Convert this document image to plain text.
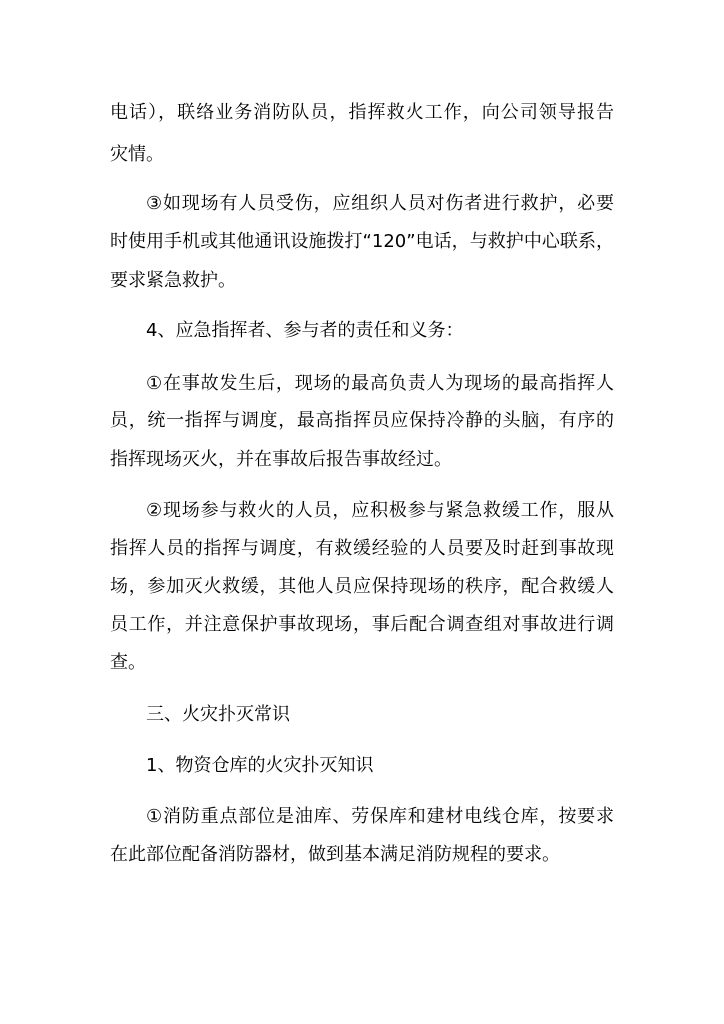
电话），联络业务消防队员，指挥救火工作，向公司领导报告
灾情。
③如现场有人员受伤，应组织人员对伤者进行救护，必要
时使用手机或其他通讯设施拨打“120”电话，与救护中心联系，
要求紧急救护。
4、应急指挥者、参与者的责任和义务：
①在事故发生后，现场的最高负责人为现场的最高指挥人
员，统一指挥与调度，最高指挥员应保持冷静的头脑，有序的
指挥现场灭火，并在事故后报告事故经过。
②现场参与救火的人员，应积极参与紧急救缓工作，服从
指挥人员的指挥与调度，有救缓经验的人员要及时赶到事故现
场，参加灭火救缓，其他人员应保持现场的秩序，配合救缓人
员工作，并注意保护事故现场，事后配合调查组对事故进行调
查。
三、火灾扑灭常识
1、物资仓库的火灾扑灭知识
①消防重点部位是油库、劳保库和建材电线仓库，按要求
在此部位配备消防器材，做到基本满足消防规程的要求。
